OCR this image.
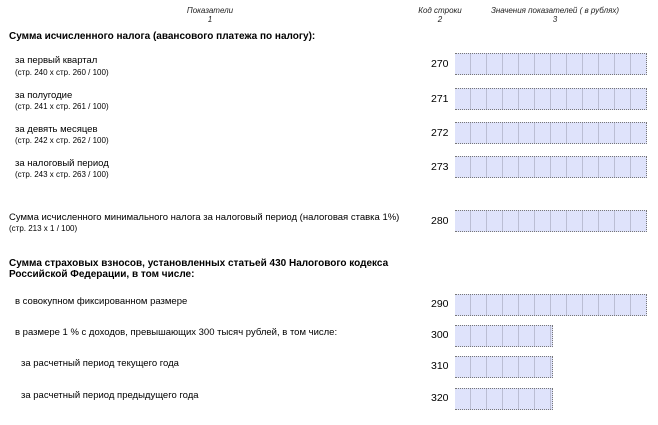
Показатели
1
Код строки
2
Значения показателей ( в рублях)
3
Сумма исчисленного налога (авансового платежа по налогу):
за первый квартал
(стр. 240 x стр. 260 / 100)
270
за полугодие
(стр. 241 x стр. 261 / 100)
271
за девять месяцев
(стр. 242 x стр. 262 / 100)
272
за налоговый период
(стр. 243 x стр. 263 / 100)
273
Сумма исчисленного минимального налога за налоговый период (налоговая ставка 1%)
(стр. 213 x 1 / 100)
280
Сумма страховых взносов, установленных статьей 430 Налогового кодекса
Российской Федерации, в том числе:
в совокупном фиксированном размере	290
в размере 1 % с доходов, превышающих 300 тысяч рублей, в том числе:	300
за расчетный период текущего года	310
за расчетный период предыдущего года	320
